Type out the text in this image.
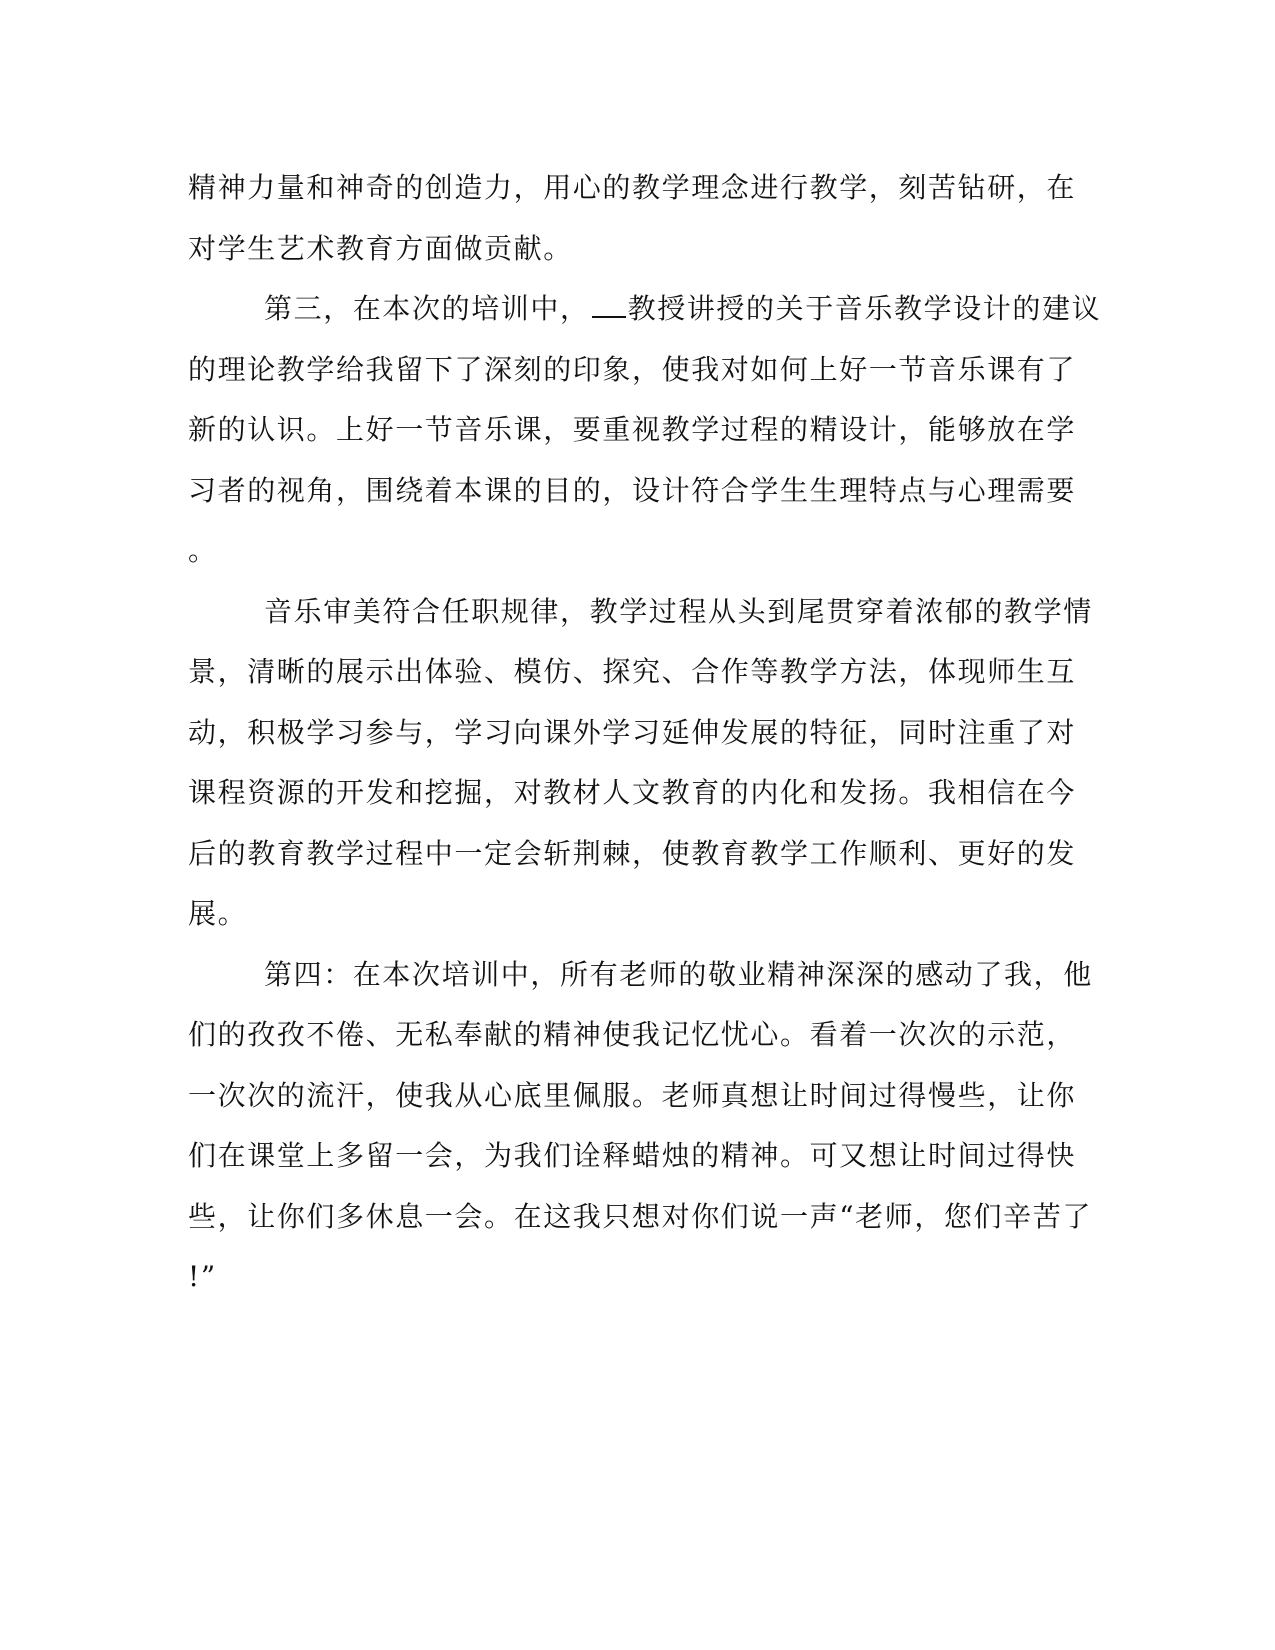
精神力量和神奇的创造力，用心的教学理念进行教学，刻苦钻研，在
对学生艺术教育方面做贡献。
第三，在本次的培训中， 教授讲授的关于音乐教学设计的建议
的理论教学给我留下了深刻的印象，使我对如何上好一节音乐课有了
新的认识。上好一节音乐课，要重视教学过程的精设计，能够放在学
习者的视角，围绕着本课的目的，设计符合学生生理特点与心理需要
。
音乐审美符合任职规律，教学过程从头到尾贯穿着浓郁的教学情
景，清晰的展示出体验、模仿、探究、合作等教学方法，体现师生互
动，积极学习参与，学习向课外学习延伸发展的特征，同时注重了对
课程资源的开发和挖掘，对教材人文教育的内化和发扬。我相信在今
后的教育教学过程中一定会斩荆棘，使教育教学工作顺利、更好的发
展。
第四：在本次培训中，所有老师的敬业精神深深的感动了我，他
们的孜孜不倦、无私奉献的精神使我记忆忧心。看着一次次的示范，
一次次的流汗，使我从心底里佩服。老师真想让时间过得慢些，让你
们在课堂上多留一会，为我们诠释蜡烛的精神。可又想让时间过得快
些，让你们多休息一会。在这我只想对你们说一声“老师，您们辛苦了
!”
